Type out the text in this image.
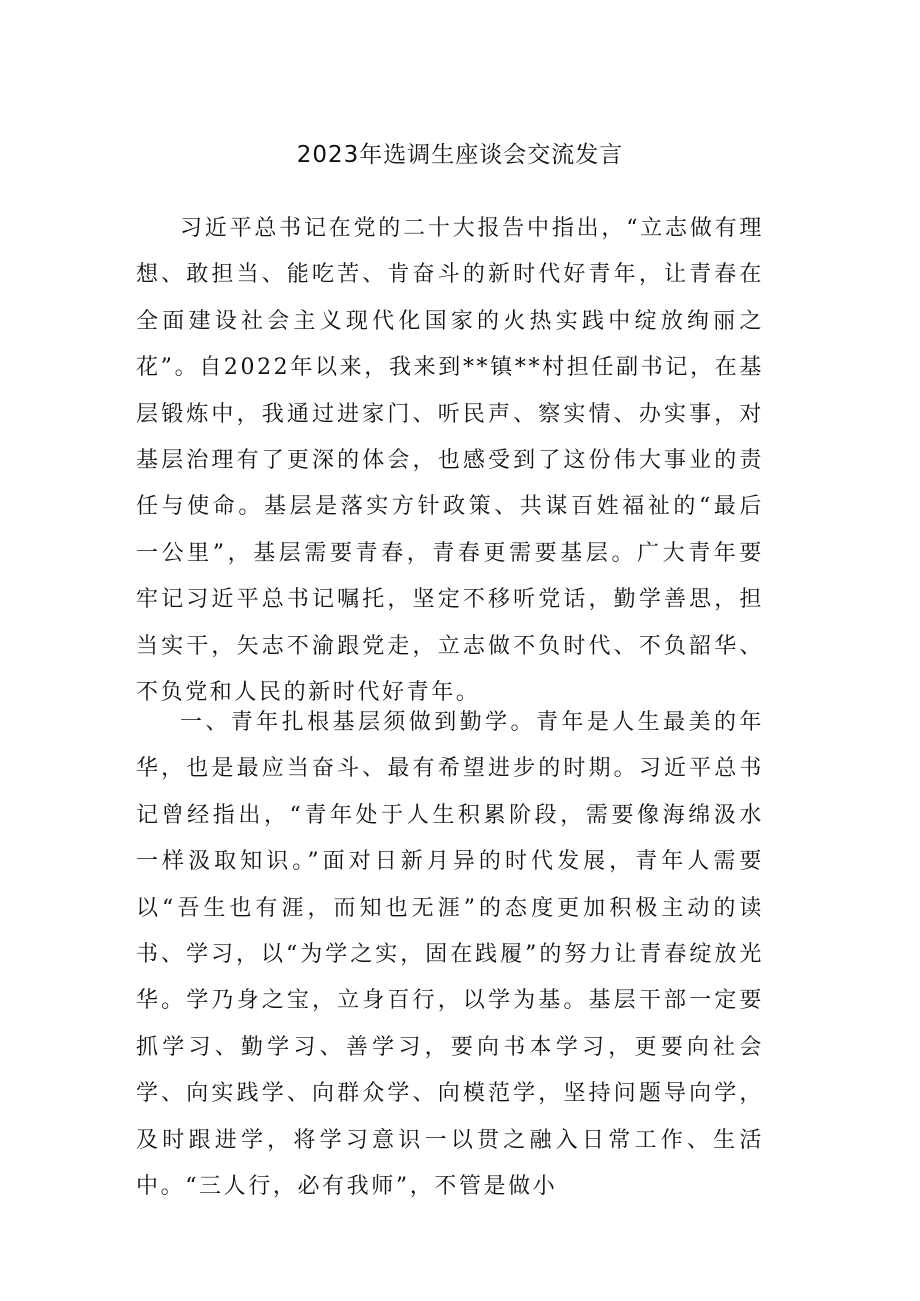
2023年选调生座谈会交流发言

习近平总书记在党的二十大报告中指出，“立志做有理想、敢担当、能吃苦、肯奋斗的新时代好青年，让青春在全面建设社会主义现代化国家的火热实践中绽放绚丽之花”。自2022年以来，我来到**镇**村担任副书记，在基层锻炼中，我通过进家门、听民声、察实情、办实事，对基层治理有了更深的体会，也感受到了这份伟大事业的责任与使命。基层是落实方针政策、共谋百姓福祉的“最后一公里”，基层需要青春，青春更需要基层。广大青年要牢记习近平总书记嘱托，坚定不移听党话，勤学善思，担当实干，矢志不渝跟党走，立志做不负时代、不负韶华、不负党和人民的新时代好青年。

一、青年扎根基层须做到勤学。青年是人生最美的年华，也是最应当奋斗、最有希望进步的时期。习近平总书记曾经指出，“青年处于人生积累阶段，需要像海绵汲水一样汲取知识。”面对日新月异的时代发展，青年人需要以“吾生也有涯，而知也无涯”的态度更加积极主动的读书、学习，以“为学之实，固在践履”的努力让青春绽放光华。学乃身之宝，立身百行，以学为基。基层干部一定要抓学习、勤学习、善学习，要向书本学习，更要向社会学、向实践学、向群众学、向模范学，坚持问题导向学，及时跟进学，将学习意识一以贯之融入日常工作、生活中。“三人行，必有我师”，不管是做小
